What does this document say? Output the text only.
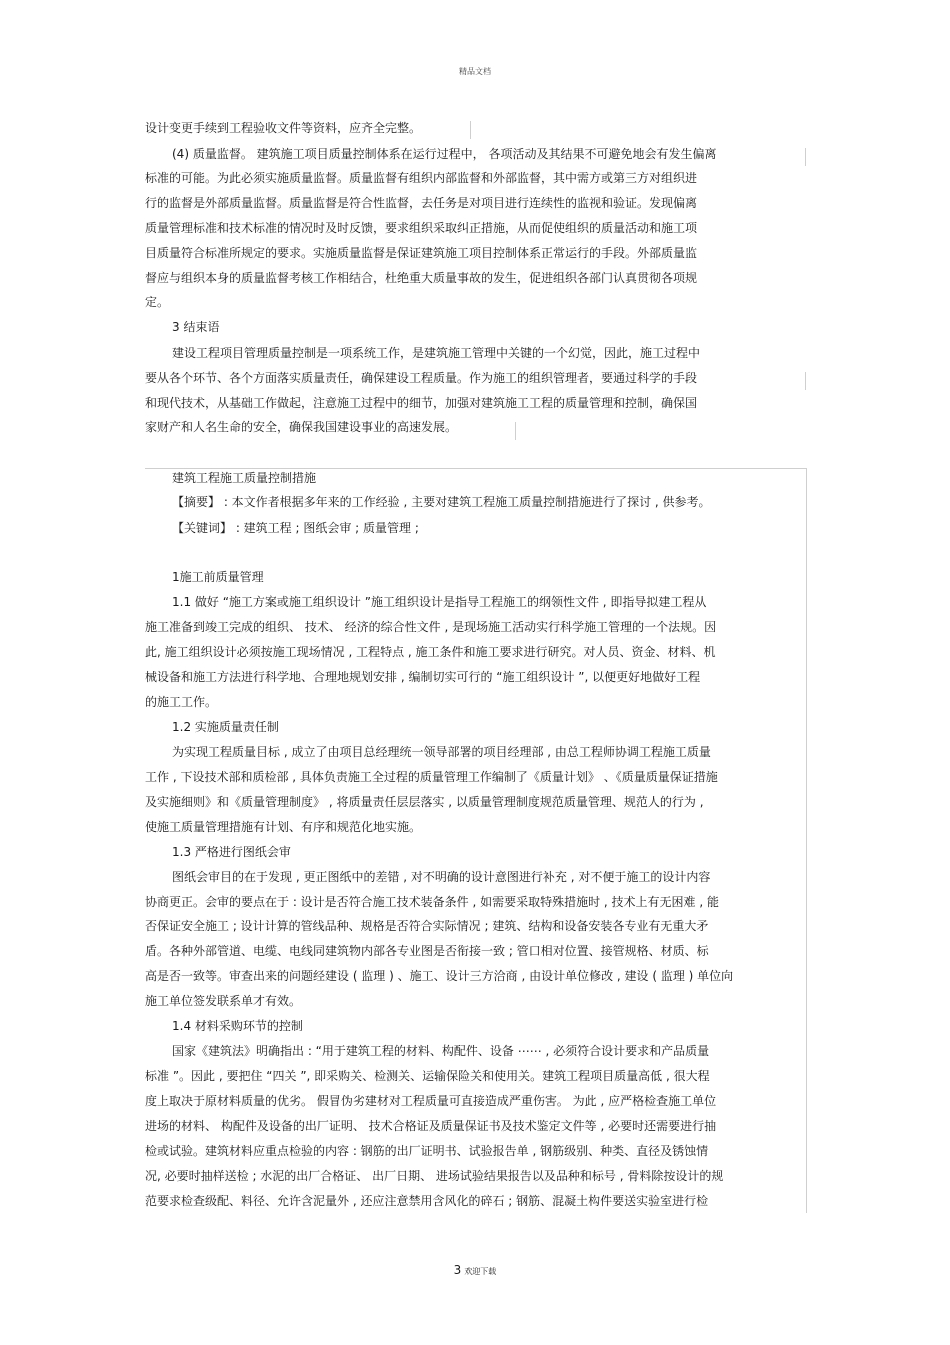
精品文档
设计变更手续到工程验收文件等资料，应齐全完整。
(4) 质量监督。 建筑施工项目质量控制体系在运行过程中， 各项活动及其结果不可避免地会有发生偏离
标准的可能。为此必须实施质量监督。质量监督有组织内部监督和外部监督，其中需方或第三方对组织进
行的监督是外部质量监督。质量监督是符合性监督，去任务是对项目进行连续性的监视和验证。发现偏离
质量管理标准和技术标准的情况时及时反馈，要求组织采取纠正措施，从而促使组织的质量活动和施工项
目质量符合标准所规定的要求。实施质量监督是保证建筑施工项目控制体系正常运行的手段。外部质量监
督应与组织本身的质量监督考核工作相结合，杜绝重大质量事故的发生，促进组织各部门认真贯彻各项规
定。
3 结束语
建设工程项目管理质量控制是一项系统工作，是建筑施工管理中关键的一个幻觉，因此，施工过程中
要从各个环节、各个方面落实质量责任，确保建设工程质量。作为施工的组织管理者，要通过科学的手段
和现代技术，从基础工作做起，注意施工过程中的细节，加强对建筑施工工程的质量管理和控制，确保国
家财产和人名生命的安全，确保我国建设事业的高速发展。
建筑工程施工质量控制措施
【摘要】 : 本文作者根据多年来的工作经验 , 主要对建筑工程施工质量控制措施进行了探讨 , 供参考。
【关键词】 : 建筑工程 ; 图纸会审 ; 质量管理 ;
1施工前质量管理
1.1 做好 “施工方案或施工组织设计 ”施工组织设计是指导工程施工的纲领性文件 , 即指导拟建工程从
施工准备到竣工完成的组织、 技术、 经济的综合性文件 , 是现场施工活动实行科学施工管理的一个法规。因
此, 施工组织设计必须按施工现场情况 , 工程特点 , 施工条件和施工要求进行研究。对人员、资金、材料、机
械设备和施工方法进行科学地、合理地规划安排 , 编制切实可行的 “施工组织设计 ”, 以便更好地做好工程
的施工工作。
1.2 实施质量责任制
为实现工程质量目标 , 成立了由项目总经理统一领导部署的项目经理部 , 由总工程师协调工程施工质量
工作 , 下设技术部和质检部 , 具体负责施工全过程的质量管理工作编制了《质量计划》 、《质量质量保证措施
及实施细则》和《质量管理制度》 , 将质量责任层层落实 , 以质量管理制度规范质量管理、规范人的行为 ,
使施工质量管理措施有计划、有序和规范化地实施。
1.3 严格进行图纸会审
图纸会审目的在于发现 , 更正图纸中的差错 , 对不明确的设计意图进行补充 , 对不便于施工的设计内容
协商更正。会审的要点在于 : 设计是否符合施工技术装备条件 , 如需要采取特殊措施时 , 技术上有无困难 , 能
否保证安全施工 ; 设计计算的管线品种、规格是否符合实际情况 ; 建筑、结构和设备安装各专业有无重大矛
盾。各种外部管道、电缆、电线同建筑物内部各专业图是否衔接一致 ; 管口相对位置、接管规格、材质、标
高是否一致等。审查出来的问题经建设 ( 监理 ) 、施工、设计三方洽商 , 由设计单位修改 , 建设 ( 监理 ) 单位向
施工单位签发联系单才有效。
1.4 材料采购环节的控制
国家《建筑法》明确指出 : “用于建筑工程的材料、构配件、设备 ⋯⋯ , 必须符合设计要求和产品质量
标准 ”。因此 , 要把住 “四关 ”, 即采购关、检测关、运输保险关和使用关。建筑工程项目质量高低 , 很大程
度上取决于原材料质量的优劣。 假冒伪劣建材对工程质量可直接造成严重伤害。 为此 , 应严格检查施工单位
进场的材料、 构配件及设备的出厂证明、 技术合格证及质量保证书及技术鉴定文件等 , 必要时还需要进行抽
检或试验。建筑材料应重点检验的内容 : 钢筋的出厂证明书、试验报告单 , 钢筋级别、种类、直径及锈蚀情
况, 必要时抽样送检 ; 水泥的出厂合格证、 出厂日期、 进场试验结果报告以及品种和标号 , 骨料除按设计的规
范要求检查级配、料径、允许含泥量外 , 还应注意禁用含风化的碎石 ; 钢筋、混凝土构件要送实验室进行检
3 欢迎下载
